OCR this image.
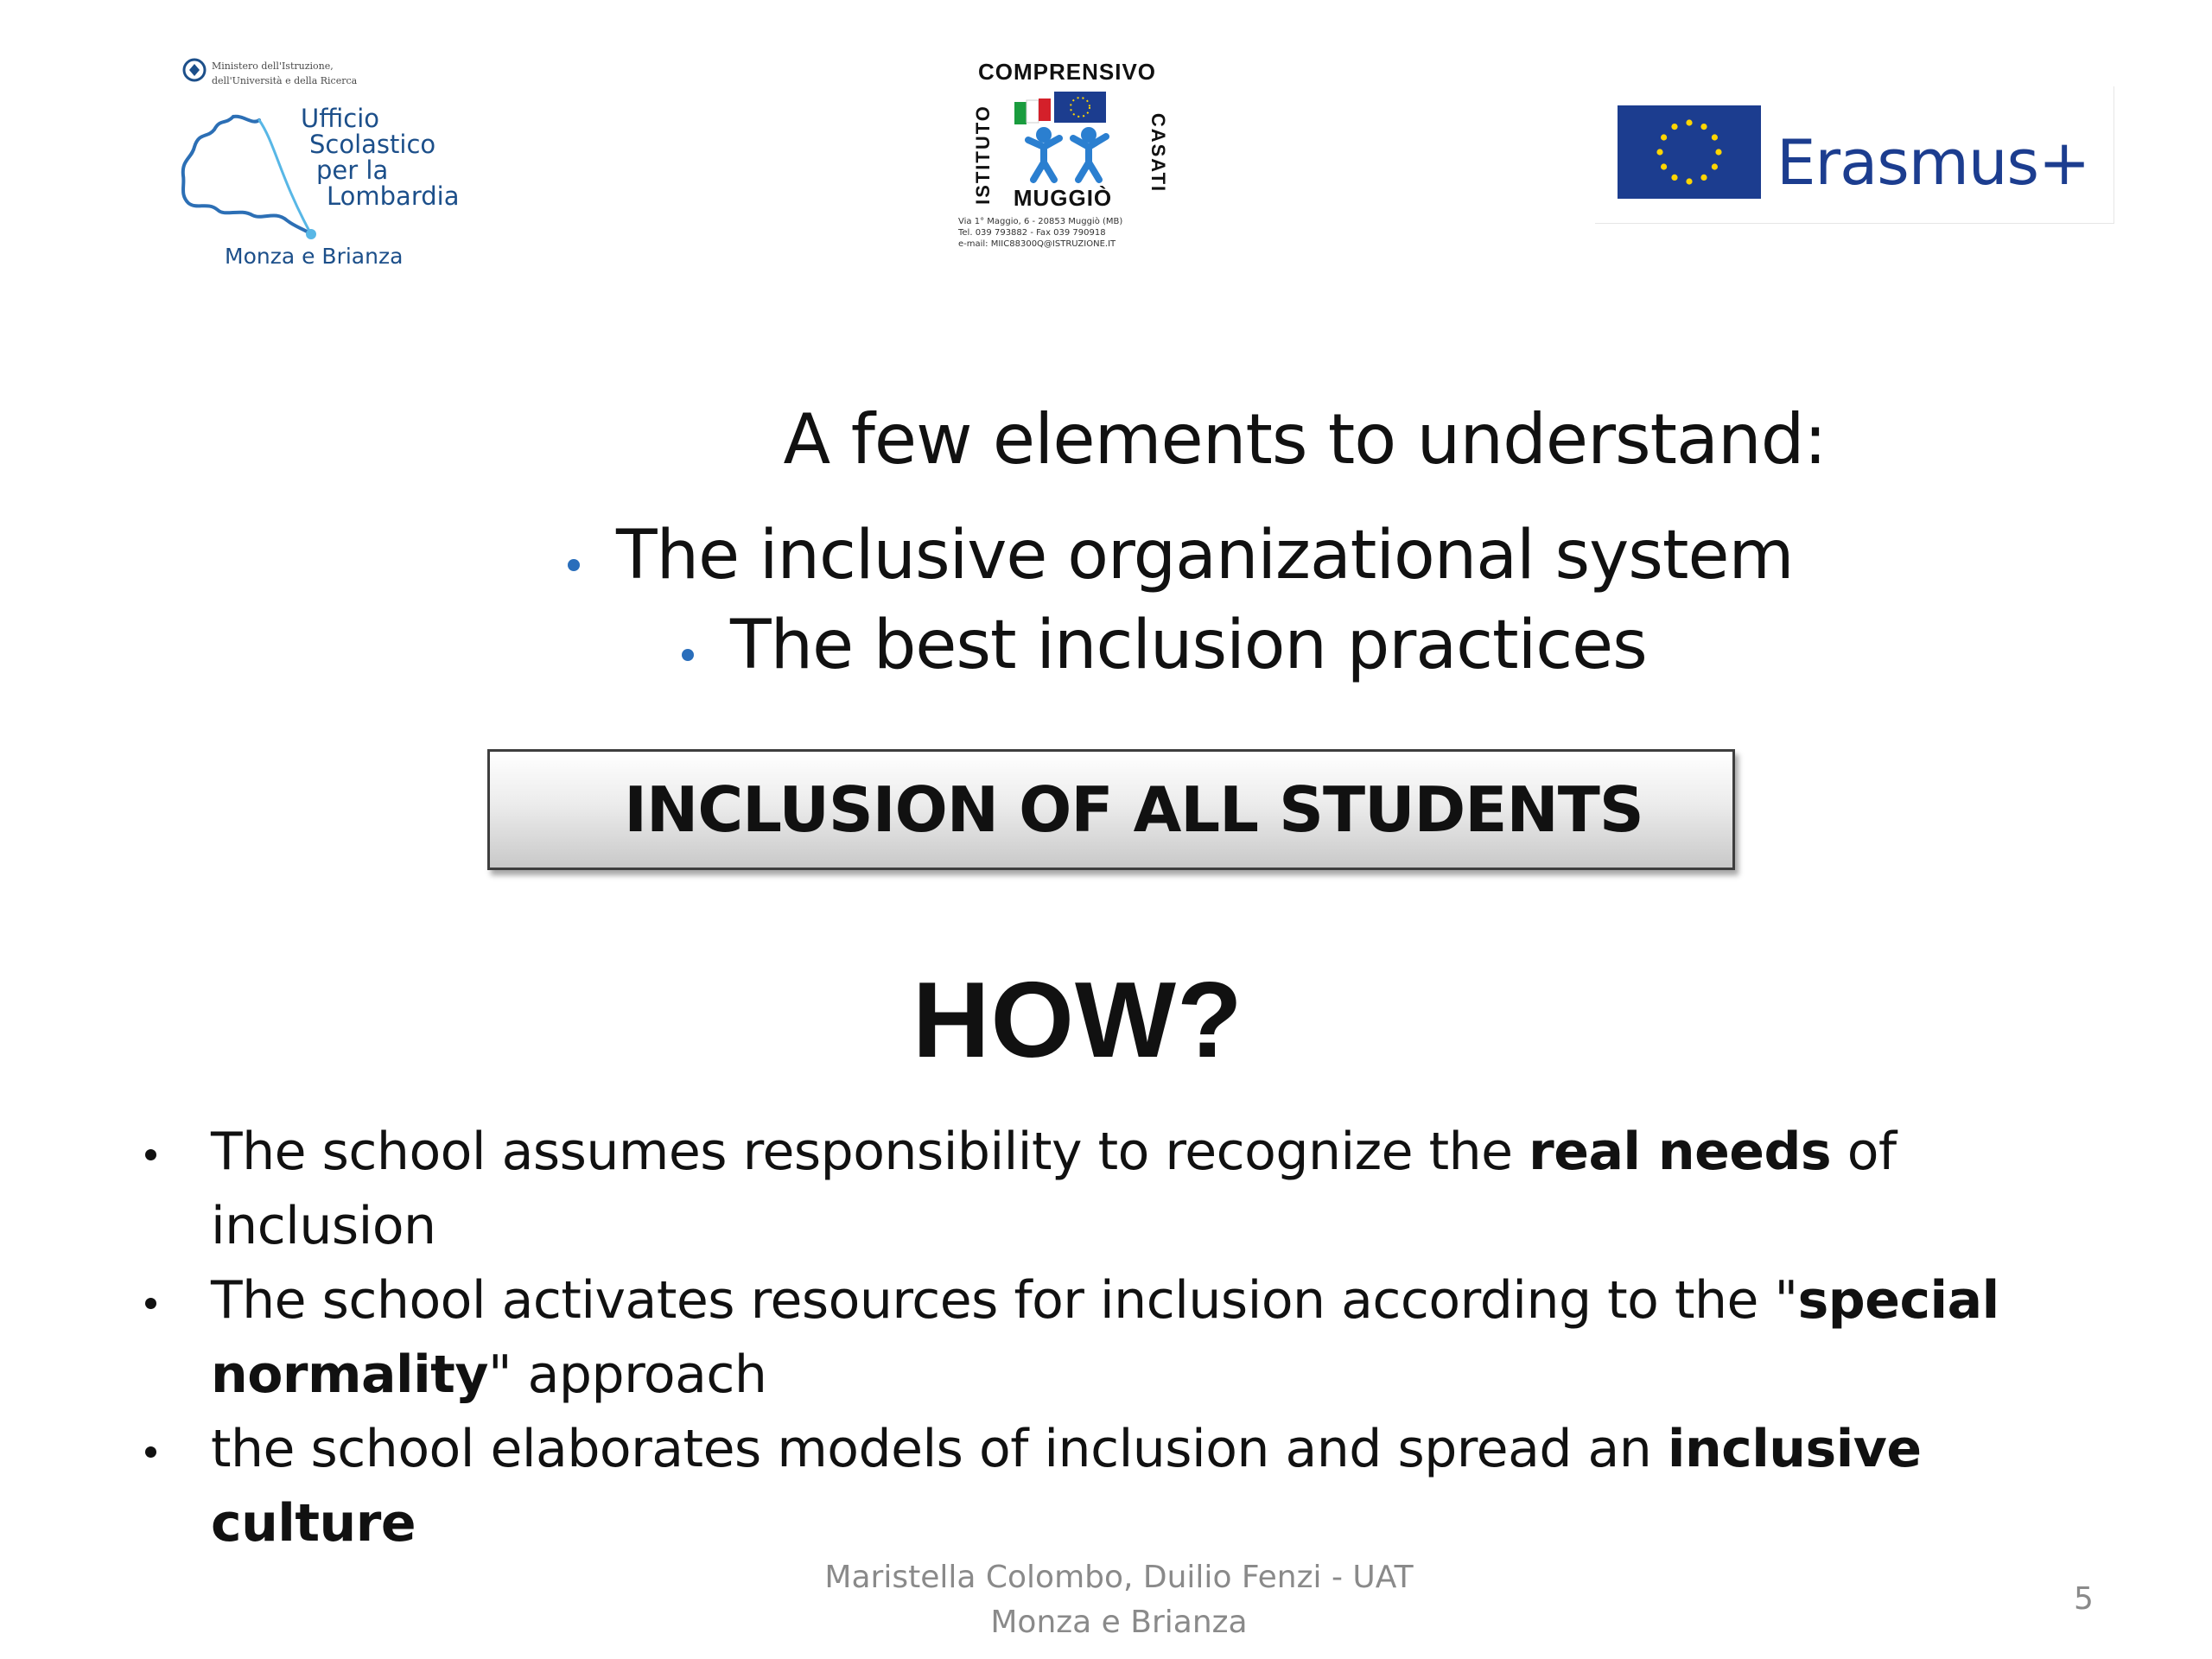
Ministero dell'Istruzione,
dell'Università e della Ricerca
Ufficio
Scolastico
per la
Lombardia
Monza e Brianza
COMPRENSIVO
ISTITUTO	CASATI
MUGGIÒ
Via 1° Maggio, 6 - 20853 Muggiò (MB)
Tel. 039 793882 - Fax 039 790918
e-mail: MIIC88300Q@ISTRUZIONE.IT
Erasmus+
A few elements to understand:
The inclusive organizational system
The best inclusion practices
INCLUSION OF ALL STUDENTS
HOW?
The school assumes responsibility to recognize the real needs of inclusion
The school activates resources for inclusion according to the "special normality" approach
the school elaborates models of inclusion and spread an inclusive culture
Maristella Colombo, Duilio Fenzi - UAT
Monza e Brianza
5
